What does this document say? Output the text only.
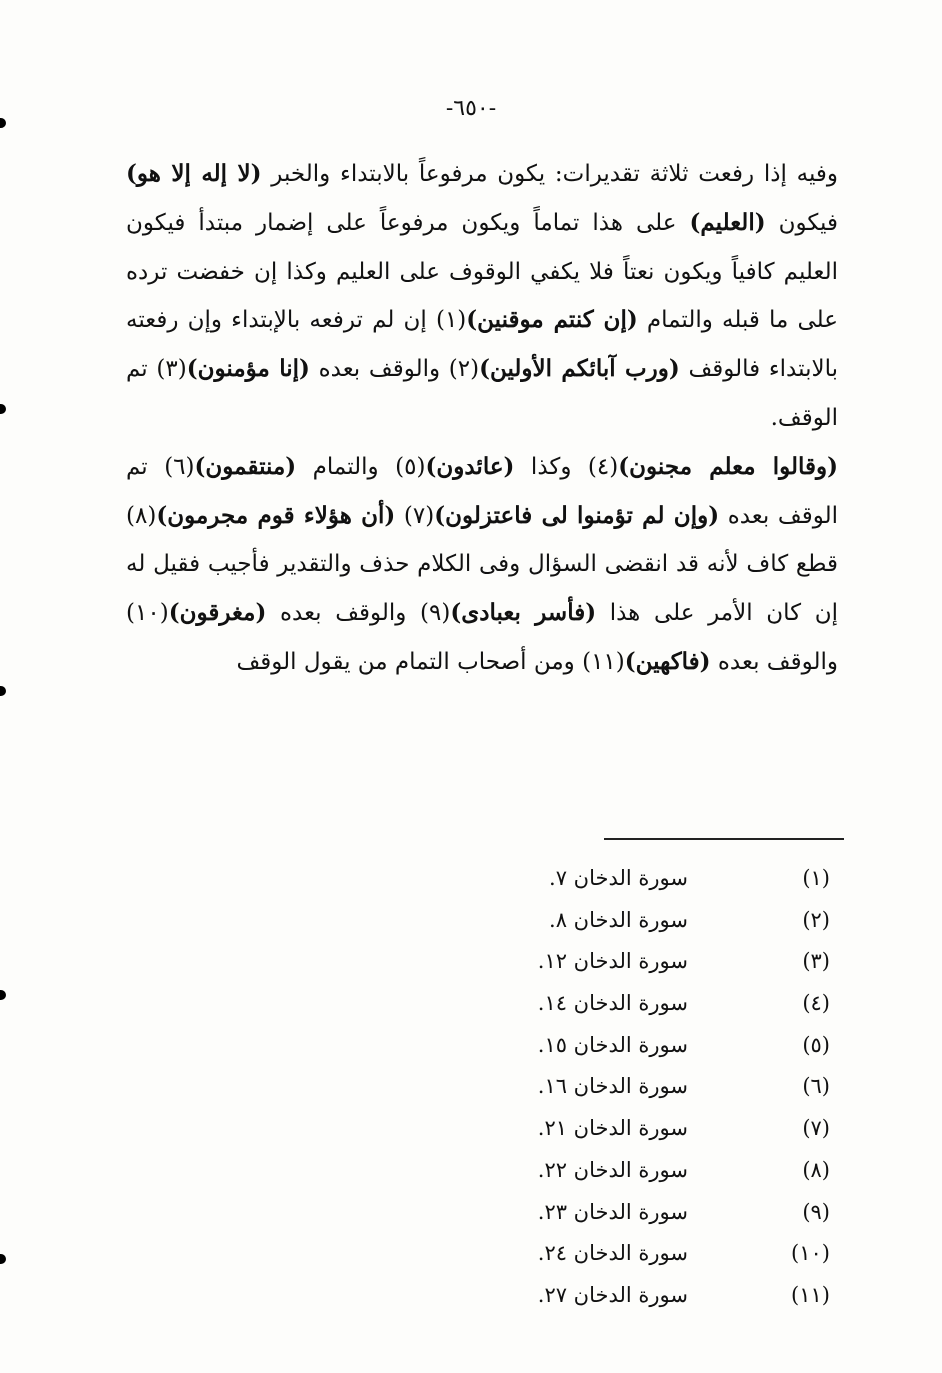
-٦٥٠-

وفيه إذا رفعت ثلاثة تقديرات: يكون مرفوعاً بالابتداء والخبر (لا إله إلا هو) فيكون (العليم) على هذا تماماً ويكون مرفوعاً على إضمار مبتدأ فيكون العليم كافياً ويكون نعتاً فلا يكفي الوقوف على العليم وكذا إن خفضت ترده على ما قبله والتمام (إن كنتم موقنين)(١) إن لم ترفعه بالإبتداء وإن رفعته بالابتداء فالوقف (ورب آبائكم الأولين)(٢) والوقف بعده (إنا مؤمنون)(٣) تم الوقف.

(وقالوا معلم مجنون)(٤) وكذا (عائدون)(٥) والتمام (منتقمون)(٦) تم الوقف بعده (وإن لم تؤمنوا لى فاعتزلون)(٧) (أن هؤلاء قوم مجرمون)(٨) قطع كاف لأنه قد انقضى السؤال وفى الكلام حذف والتقدير فأجيب فقيل له إن كان الأمر على هذا (فأسر بعبادى)(٩) والوقف بعده (مغرقون)(١٠) والوقف بعده (فاكهين)(١١) ومن أصحاب التمام من يقول الوقف

(١)سورة الدخان ٧.
(٢)سورة الدخان ٨.
(٣)سورة الدخان ١٢.
(٤)سورة الدخان ١٤.
(٥)سورة الدخان ١٥.
(٦)سورة الدخان ١٦.
(٧)سورة الدخان ٢١.
(٨)سورة الدخان ٢٢.
(٩)سورة الدخان ٢٣.
(١٠)سورة الدخان ٢٤.
(١١)سورة الدخان ٢٧.
